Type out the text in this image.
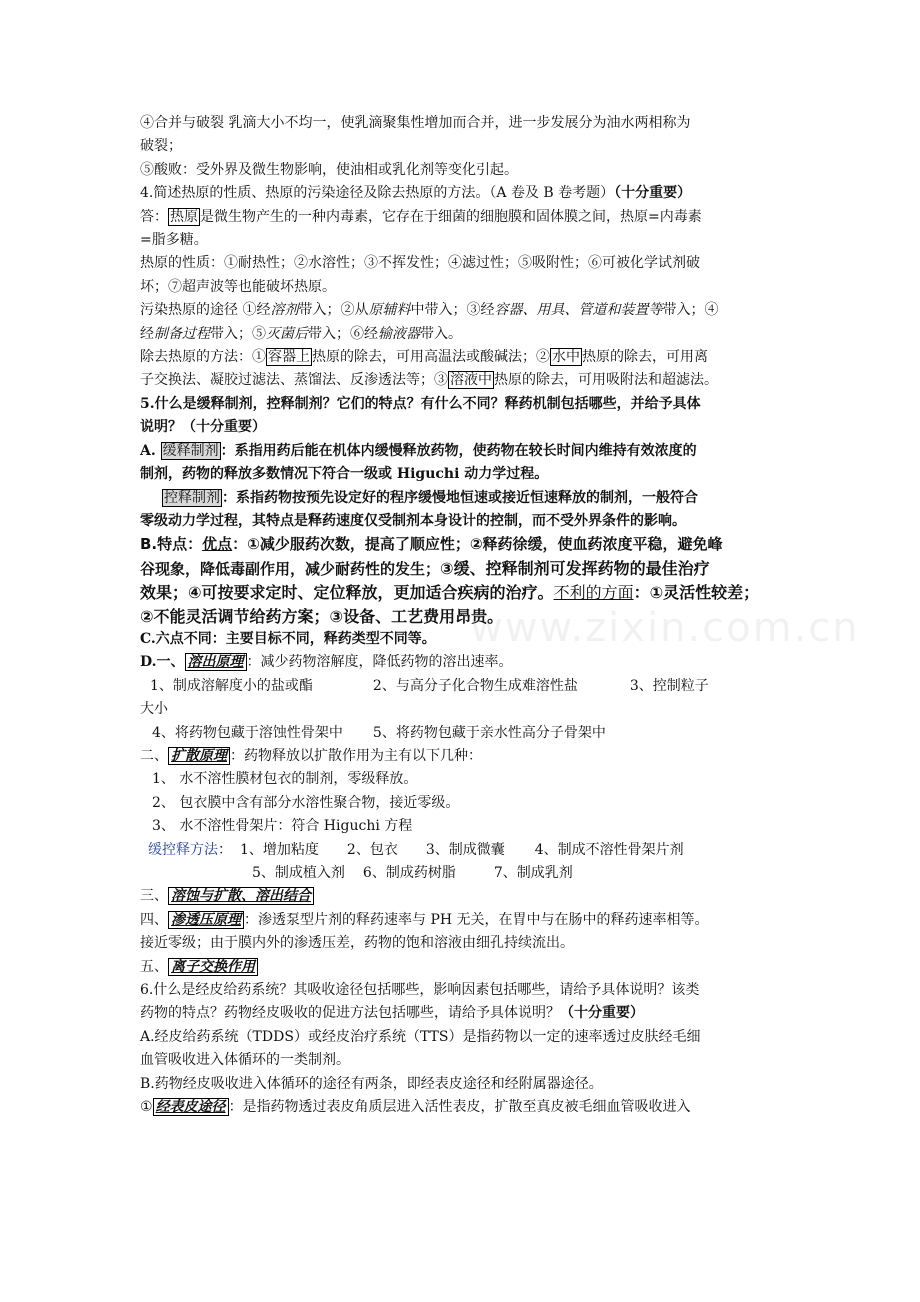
④合并与破裂 乳滴大小不均一，使乳滴聚集性增加而合并，进一步发展分为油水两相称为
破裂；
⑤酸败：受外界及微生物影响，使油相或乳化剂等变化引起。
4.简述热原的性质、热原的污染途径及除去热原的方法。（A 卷及 B 卷考题）（十分重要）
答： 热原 是微生物产生的一种内毒素，它存在于细菌的细胞膜和固体膜之间，热原=内毒素
=脂多糖。
热原的性质：①耐热性；②水溶性；③不挥发性；④滤过性；⑤吸附性；⑥可被化学试剂破
坏；⑦超声波等也能破坏热原。
污染热原的途径 ①经溶剂带入；②从原辅料中带入；③经容器、用具、管道和装置等带入；④
经制备过程带入；⑤灭菌后带入；⑥经输液器带入。
除去热原的方法：① 容器上 热原的除去，可用高温法或酸碱法；② 水中 热原的除去，可用离
子交换法、凝胶过滤法、蒸馏法、反渗透法等；③ 溶液中 热原的除去，可用吸附法和超滤法。
5.什么是缓释制剂，控释制剂？它们的特点？有什么不同？释药机制包括哪些，并给予具体
说明？（十分重要）
A. 缓释制剂 ：系指用药后能在机体内缓慢释放药物，使药物在较长时间内维持有效浓度的
制剂，药物的释放多数情况下符合一级或 Higuchi 动力学过程。
控释制剂 ：系指药物按预先设定好的程序缓慢地恒速或接近恒速释放的制剂，一般符合
零级动力学过程，其特点是释药速度仅受制剂本身设计的控制，而不受外界条件的影响。
B.特点：优点：①减少服药次数，提高了顺应性；②释药徐缓，使血药浓度平稳，避免峰
谷现象，降低毒副作用，减少耐药性的发生；③缓、控释制剂可发挥药物的最佳治疗
效果；④可按要求定时、定位释放，更加适合疾病的治疗。不利的方面：①灵活性较差；
②不能灵活调节给药方案；③设备、工艺费用昂贵。
C.六点不同：主要目标不同，释药类型不同等。
D.一、 溶出原理 ：减少药物溶解度，降低药物的溶出速率。
1、制成溶解度小的盐或酯	2、与高分子化合物生成难溶性盐	3、控制粒子
大小
4、将药物包藏于溶蚀性骨架中 5、将药物包藏于亲水性高分子骨架中
二、 扩散原理 ：药物释放以扩散作用为主有以下几种：
1、 水不溶性膜材包衣的制剂，零级释放。
2、 包衣膜中含有部分水溶性聚合物，接近零级。
3、 水不溶性骨架片：符合 Higuchi 方程
缓控释方法： 1、增加粘度 2、包衣 3、制成微囊 4、制成不溶性骨架片剂
5、制成植入剂 6、制成药树脂	7、制成乳剂
三、 溶蚀与扩散、溶出结合
四、 渗透压原理 ：渗透泵型片剂的释药速率与 PH 无关，在胃中与在肠中的释药速率相等。
接近零级；由于膜内外的渗透压差，药物的饱和溶液由细孔持续流出。
五、 离子交换作用
6.什么是经皮给药系统？其吸收途径包括哪些，影响因素包括哪些，请给予具体说明？该类
药物的特点？药物经皮吸收的促进方法包括哪些，请给予具体说明？（十分重要）
A.经皮给药系统（TDDS）或经皮治疗系统（TTS）是指药物以一定的速率透过皮肤经毛细
血管吸收进入体循环的一类制剂。
B.药物经皮吸收进入体循环的途径有两条，即经表皮途径和经附属器途径。
① 经表皮途径 ：是指药物透过表皮角质层进入活性表皮，扩散至真皮被毛细血管吸收进入
www.zixin.com.cn
